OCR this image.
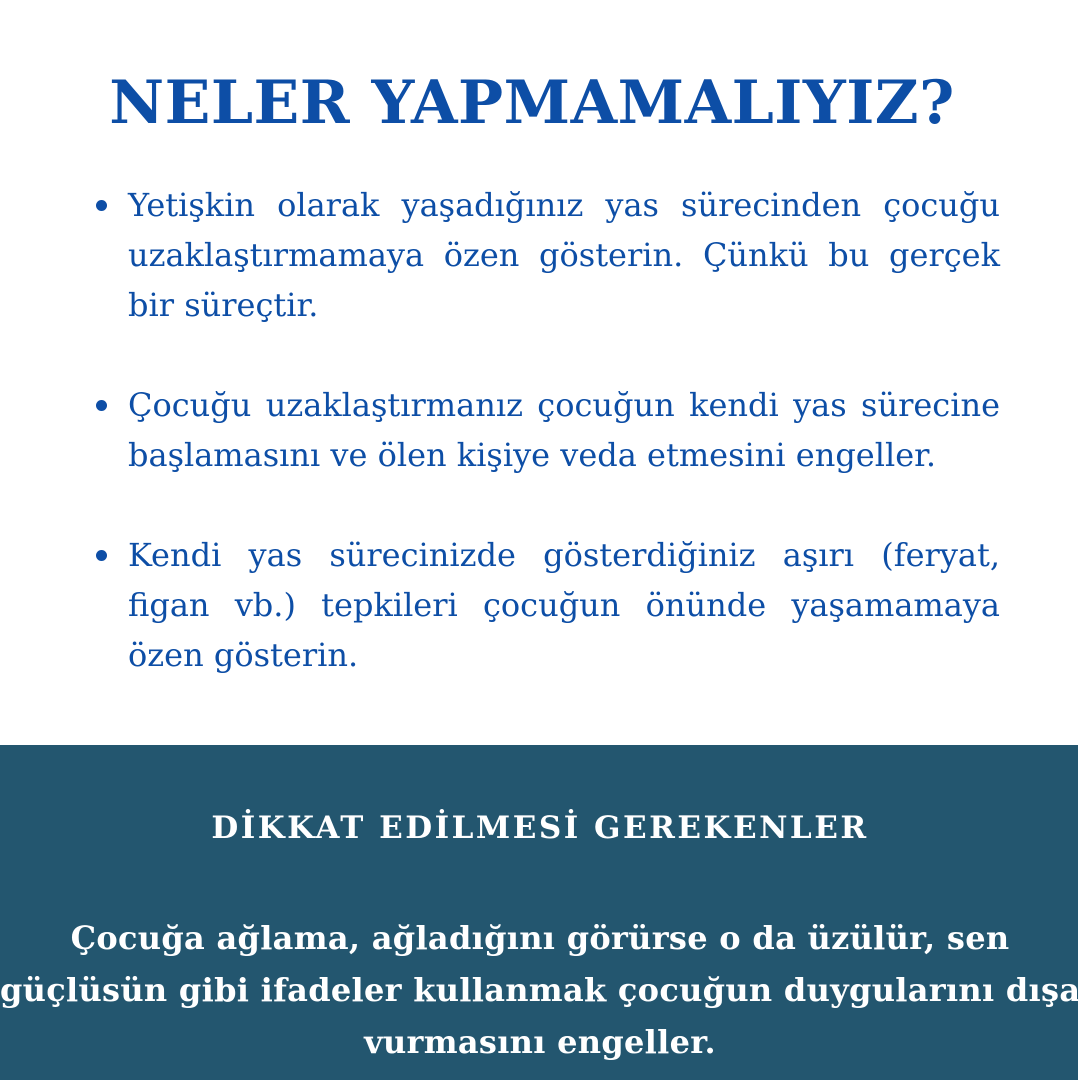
NELER YAPMAMALIYIZ?
Yetişkin olarak yaşadığınız yas sürecinden çocuğu uzaklaştırmamaya özen gösterin. Çünkü bu gerçek bir süreçtir.
Çocuğu uzaklaştırmanız çocuğun kendi yas sürecine başlamasını ve ölen kişiye veda etmesini engeller.
Kendi yas sürecinizde gösterdiğiniz aşırı (feryat, figan vb.) tepkileri çocuğun önünde yaşamamaya özen gösterin.
DİKKAT EDİLMESİ GEREKENLER

Çocuğa ağlama, ağladığını görürse o da üzülür, sen
güçlüsün gibi ifadeler kullanmak çocuğun duygularını dışa
vurmasını engeller.
